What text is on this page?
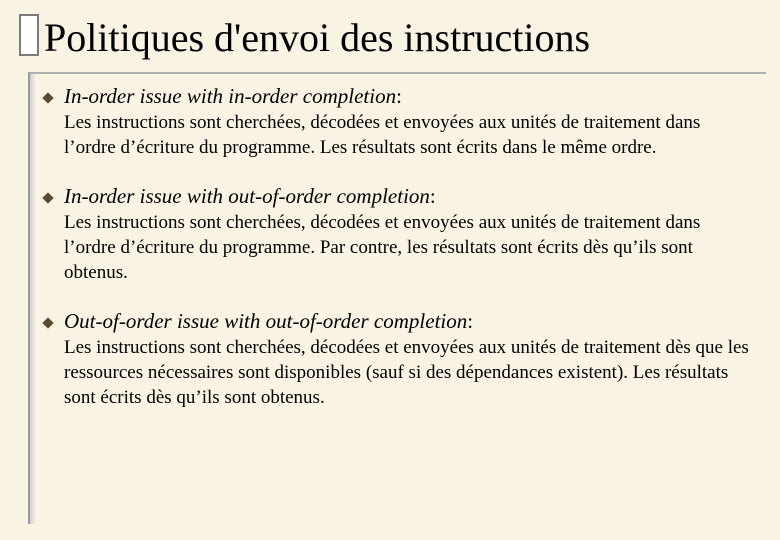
Politiques d'envoi des instructions
In-order issue with in-order completion:

Les instructions sont cherchées, décodées et envoyées aux unités de traitement dans l’ordre d’écriture du programme. Les résultats sont écrits dans le même ordre.

In-order issue with out-of-order completion:

Les instructions sont cherchées, décodées et envoyées aux unités de traitement dans l’ordre d’écriture du programme. Par contre, les résultats sont écrits dès qu’ils sont obtenus.

Out-of-order issue with out-of-order completion:

Les instructions sont cherchées, décodées et envoyées aux unités de traitement dès que les ressources nécessaires sont disponibles (sauf si des dépendances existent). Les résultats sont écrits dès qu’ils sont obtenus.
